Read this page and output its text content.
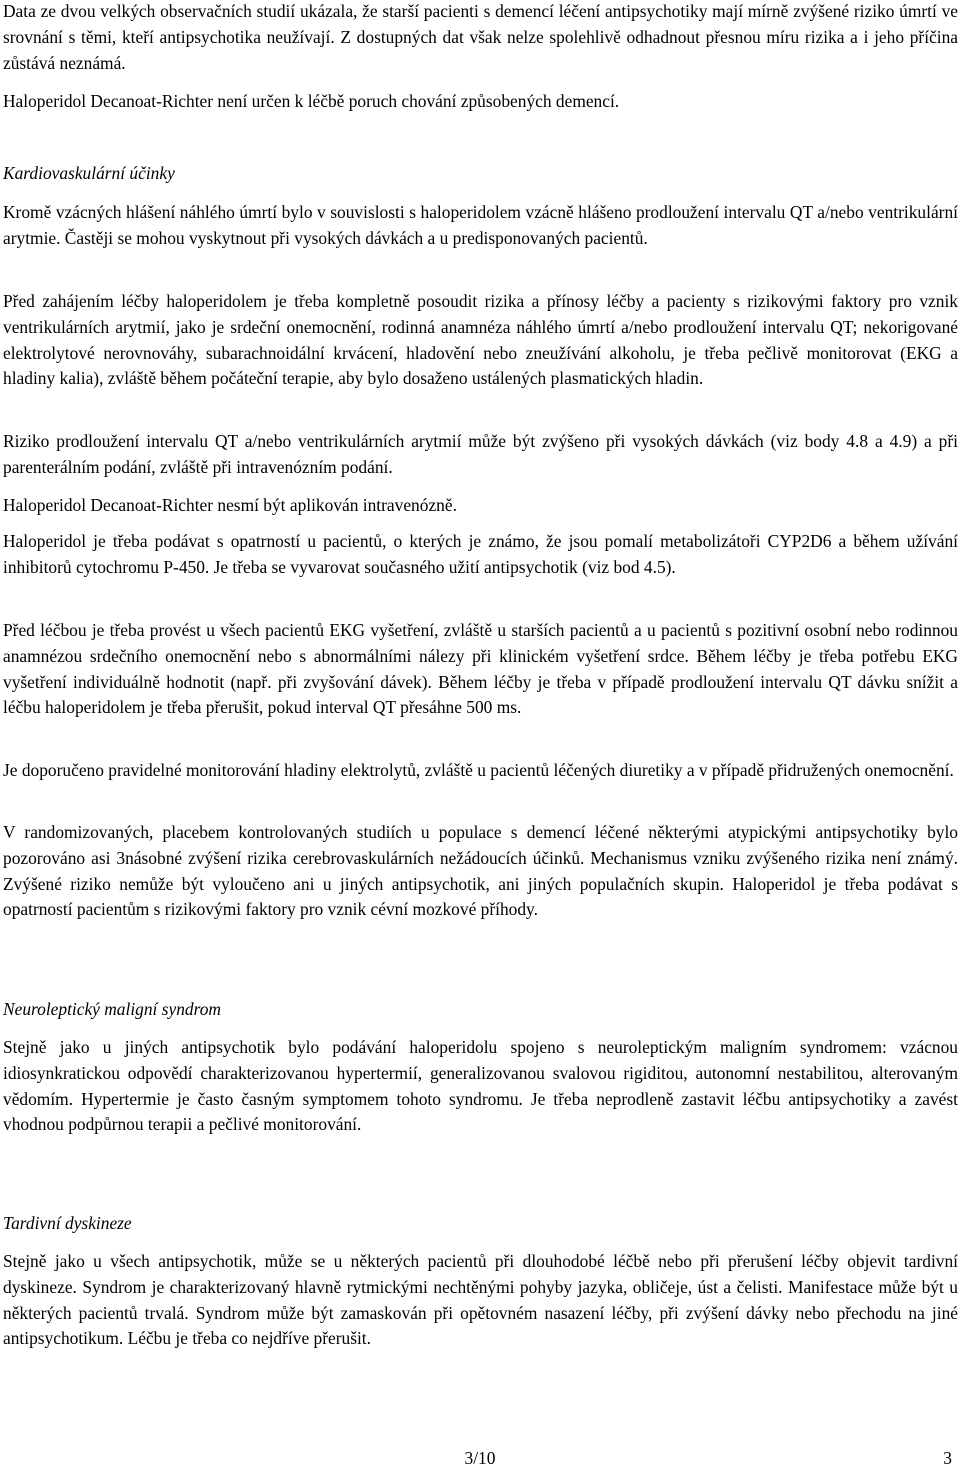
Data ze dvou velkých observačních studií ukázala, že starší pacienti s demencí léčení antipsychotiky mají mírně zvýšené riziko úmrtí ve srovnání s těmi, kteří antipsychotika neužívají. Z dostupných dat však nelze spolehlivě odhadnout přesnou míru rizika a i jeho příčina zůstává neznámá.

Haloperidol Decanoat-Richter není určen k léčbě poruch chování způsobených demencí.

Kardiovaskulární účinky

Kromě vzácných hlášení náhlého úmrtí bylo v souvislosti s haloperidolem vzácně hlášeno prodloužení intervalu QT a/nebo ventrikulární arytmie. Častěji se mohou vyskytnout při vysokých dávkách a u predisponovaných pacientů.

Před zahájením léčby haloperidolem je třeba kompletně posoudit rizika a přínosy léčby a pacienty s rizikovými faktory pro vznik ventrikulárních arytmií, jako je srdeční onemocnění, rodinná anamnéza náhlého úmrtí a/nebo prodloužení intervalu QT; nekorigované elektrolytové nerovnováhy, subarachnoidální krvácení, hladovění nebo zneužívání alkoholu, je třeba pečlivě monitorovat (EKG a hladiny kalia), zvláště během počáteční terapie, aby bylo dosaženo ustálených plasmatických hladin.

Riziko prodloužení intervalu QT a/nebo ventrikulárních arytmií může být zvýšeno při vysokých dávkách (viz body 4.8 a 4.9) a při parenterálním podání, zvláště při intravenózním podání.

Haloperidol Decanoat-Richter nesmí být aplikován intravenózně.

Haloperidol je třeba podávat s opatrností u pacientů, o kterých je známo, že jsou pomalí metabolizátoři CYP2D6 a během užívání inhibitorů cytochromu P-450. Je třeba se vyvarovat současného užití antipsychotik (viz bod 4.5).

Před léčbou je třeba provést u všech pacientů EKG vyšetření, zvláště u starších pacientů a u pacientů s pozitivní osobní nebo rodinnou anamnézou srdečního onemocnění nebo s abnormálními nálezy při klinickém vyšetření srdce. Během léčby je třeba potřebu EKG vyšetření individuálně hodnotit (např. při zvyšování dávek). Během léčby je třeba v případě prodloužení intervalu QT dávku snížit a léčbu haloperidolem je třeba přerušit, pokud interval QT přesáhne 500 ms.

Je doporučeno pravidelné monitorování hladiny elektrolytů, zvláště u pacientů léčených diuretiky a v případě přidružených onemocnění.

V randomizovaných, placebem kontrolovaných studiích u populace s demencí léčené některými atypickými antipsychotiky bylo pozorováno asi 3násobné zvýšení rizika cerebrovaskulárních nežádoucích účinků. Mechanismus vzniku zvýšeného rizika není známý. Zvýšené riziko nemůže být vyloučeno ani u jiných antipsychotik, ani jiných populačních skupin. Haloperidol je třeba podávat s opatrností pacientům s rizikovými faktory pro vznik cévní mozkové příhody.

Neuroleptický maligní syndrom

Stejně jako u jiných antipsychotik bylo podávání haloperidolu spojeno s neuroleptickým maligním syndromem: vzácnou idiosynkratickou odpovědí charakterizovanou hypertermií, generalizovanou svalovou rigiditou, autonomní nestabilitou, alterovaným vědomím. Hypertermie je často časným symptomem tohoto syndromu. Je třeba neprodleně zastavit léčbu antipsychotiky a zavést vhodnou podpůrnou terapii a pečlivé monitorování.

Tardivní dyskineze

Stejně jako u všech antipsychotik, může se u některých pacientů při dlouhodobé léčbě nebo při přerušení léčby objevit tardivní dyskineze. Syndrom je charakterizovaný hlavně rytmickými nechtěnými pohyby jazyka, obličeje, úst a čelisti. Manifestace může být u některých pacientů trvalá. Syndrom může být zamaskován při opětovném nasazení léčby, při zvýšení dávky nebo přechodu na jiné antipsychotikum. Léčbu je třeba co nejdříve přerušit.

3/10	3
